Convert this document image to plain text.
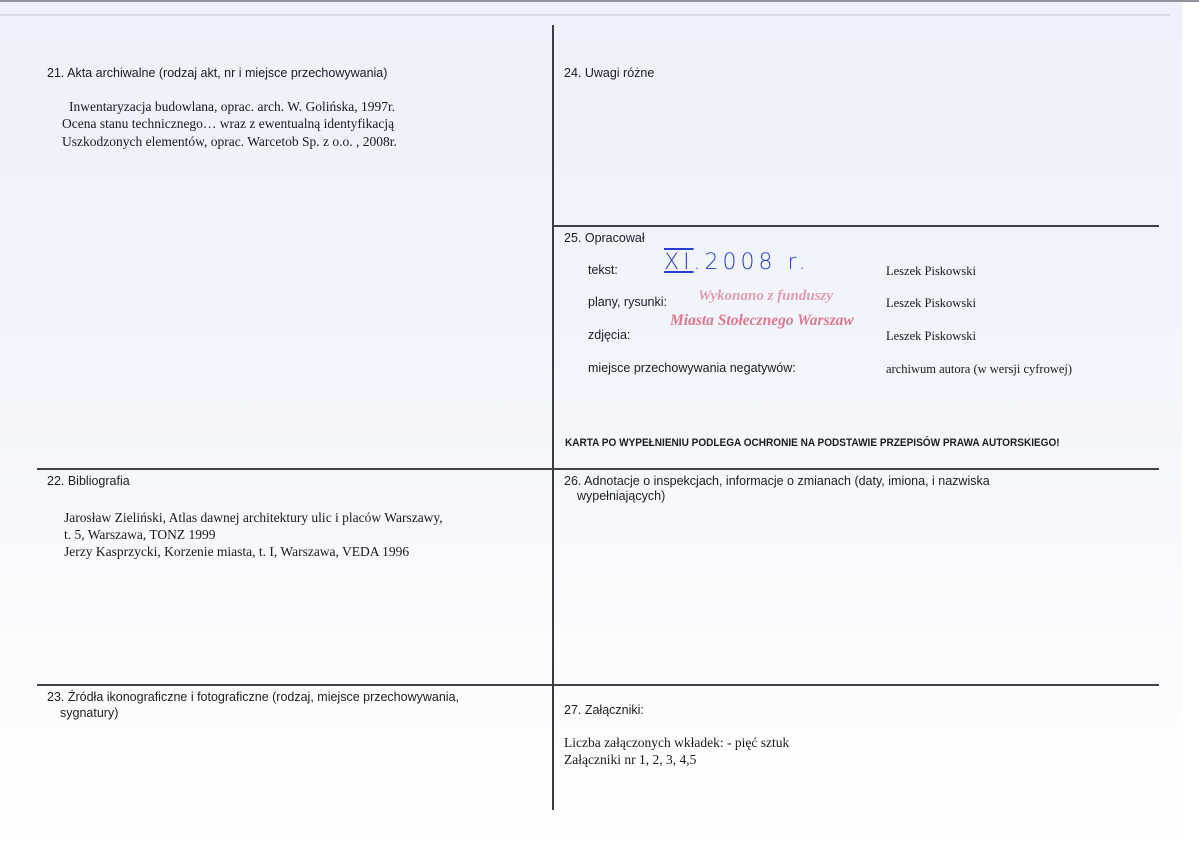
21. Akta archiwalne (rodzaj akt, nr i miejsce przechowywania)
Inwentaryzacja budowlana, oprac. arch. W. Golińska, 1997r.
Ocena stanu technicznego… wraz z ewentualną identyfikacją
Uszkodzonych elementów, oprac. Warcetob Sp. z o.o. , 2008r.
24. Uwagi różne
25. Opracował
tekst:
plany, rysunki:
zdjęcia:
miejsce przechowywania negatywów:
Leszek Piskowski
Leszek Piskowski
Leszek Piskowski
archiwum autora (w wersji cyfrowej)
XI.2008 r.
Wykonano z funduszy
Miasta Stołecznego Warszaw
KARTA PO WYPEŁNIENIU PODLEGA OCHRONIE NA PODSTAWIE PRZEPISÓW PRAWA AUTORSKIEGO!
22. Bibliografia
Jarosław Zieliński, Atlas dawnej architektury ulic i placów Warszawy,
t. 5, Warszawa, TONZ 1999
Jerzy Kasprzycki, Korzenie miasta, t. I, Warszawa, VEDA 1996
26. Adnotacje o inspekcjach, informacje o zmianach (daty, imiona, i nazwiska
wypełniających)
23. Źródła ikonograficzne i fotograficzne (rodzaj, miejsce przechowywania,
sygnatury)	27. Załączniki:
Liczba załączonych wkładek: - pięć sztuk
Załączniki nr 1, 2, 3, 4,5
